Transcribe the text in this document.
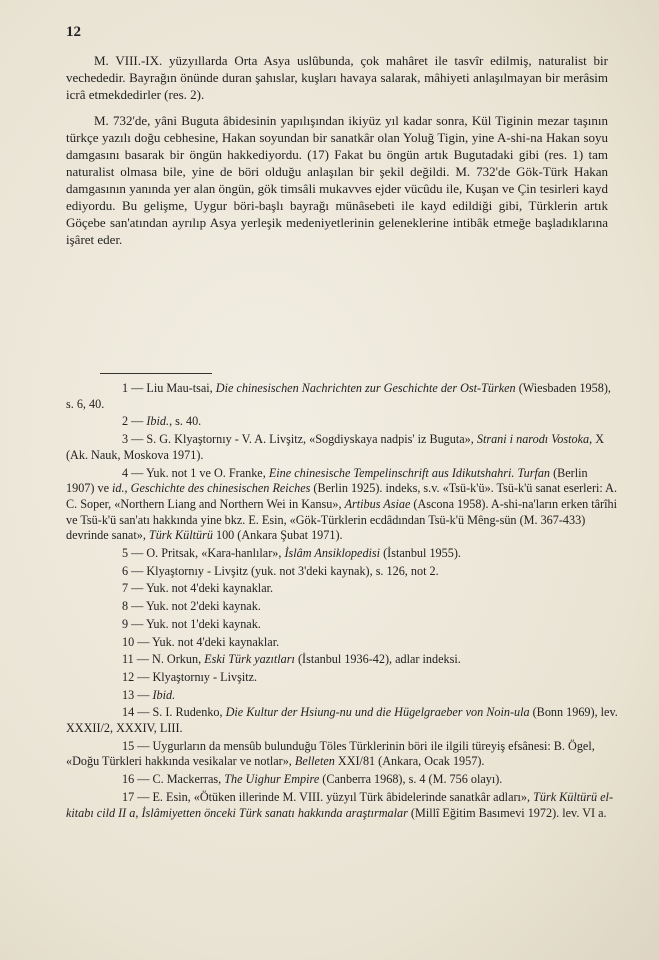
12

M. VIII.-IX. yüzyıllarda Orta Asya uslûbunda, çok mahâret ile tasvîr edilmiş, naturalist bir vechededir. Bayrağın önünde duran şahıslar, kuşları havaya salarak, mâhiyeti anlaşılmayan bir merâsim icrâ etmekdedirler (res. 2).

M. 732'de, yâni Buguta âbidesinin yapılışından ikiyüz yıl kadar sonra, Kül Tiginin mezar taşının türkçe yazılı doğu cebhesine, Hakan soyundan bir sanatkâr olan Yoluğ Tigin, yine A-shi-na Hakan soyu damgasını basarak bir öngün hakkediyordu. (17) Fakat bu öngün artık Bugutadaki gibi (res. 1) tam naturalist olmasa bile, yine de böri olduğu anlaşılan bir şekil değildi. M. 732'de Gök-Türk Hakan damgasının yanında yer alan öngün, gök timsâli mukavves ejder vücûdu ile, Kuşan ve Çin tesirleri kayd ediyordu. Bu gelişme, Uygur böri-başlı bayrağı münâsebeti ile kayd edildiği gibi, Türklerin artık Göçebe san'atından ayrılıp Asya yerleşik medeniyetlerinin geleneklerine intibâk etmeğe başladıklarına işâret eder.

1 — Liu Mau-tsai, Die chinesischen Nachrichten zur Geschichte der Ost-Türken (Wiesbaden 1958), s. 6, 40.
2 — Ibid., s. 40.
3 — S. G. Klyaştornıy - V. A. Livşitz, «Sogdiyskaya nadpis' iz Buguta», Strani i narodı Vostoka, X (Ak. Nauk, Moskova 1971).
4 — Yuk. not 1 ve O. Franke, Eine chinesische Tempelinschrift aus Idikutshahri. Turfan (Berlin 1907) ve id., Geschichte des chinesischen Reiches (Berlin 1925). indeks, s.v. «Tsü-k'ü». Tsü-k'ü sanat eserleri: A. C. Soper, «Northern Liang and Northern Wei in Kansu», Artibus Asiae (Ascona 1958). A-shi-na'ların erken târîhi ve Tsü-k'ü san'atı hakkında yine bkz. E. Esin, «Gök-Türklerin ecdâdından Tsü-k'ü Mêng-sün (M. 367-433) devrinde sanat», Türk Kültürü 100 (Ankara Şubat 1971).
5 — O. Pritsak, «Kara-hanlılar», İslâm Ansiklopedisi (İstanbul 1955).
6 — Klyaştornıy - Livşitz (yuk. not 3'deki kaynak), s. 126, not 2.
7 — Yuk. not 4'deki kaynaklar.
8 — Yuk. not 2'deki kaynak.
9 — Yuk. not 1'deki kaynak.
10 — Yuk. not 4'deki kaynaklar.
11 — N. Orkun, Eski Türk yazıtları (İstanbul 1936-42), adlar indeksi.
12 — Klyaştornıy - Livşitz.
13 — Ibid.
14 — S. I. Rudenko, Die Kultur der Hsiung-nu und die Hügelgraeber von Noin-ula (Bonn 1969), lev. XXXII/2, XXXIV, LIII.
15 — Uygurların da mensûb bulunduğu Töles Türklerinin böri ile ilgili türeyiş efsânesi: B. Ögel, «Doğu Türkleri hakkında vesikalar ve notlar», Belleten XXI/81 (Ankara, Ocak 1957).
16 — C. Mackerras, The Uighur Empire (Canberra 1968), s. 4 (M. 756 olayı).
17 — E. Esin, «Ötüken illerinde M. VIII. yüzyıl Türk âbidelerinde sanatkâr adları», Türk Kültürü el-kitabı cild II a, İslâmiyetten önceki Türk sanatı hakkında araştırmalar (Millî Eğitim Basımevi 1972). lev. VI a.
